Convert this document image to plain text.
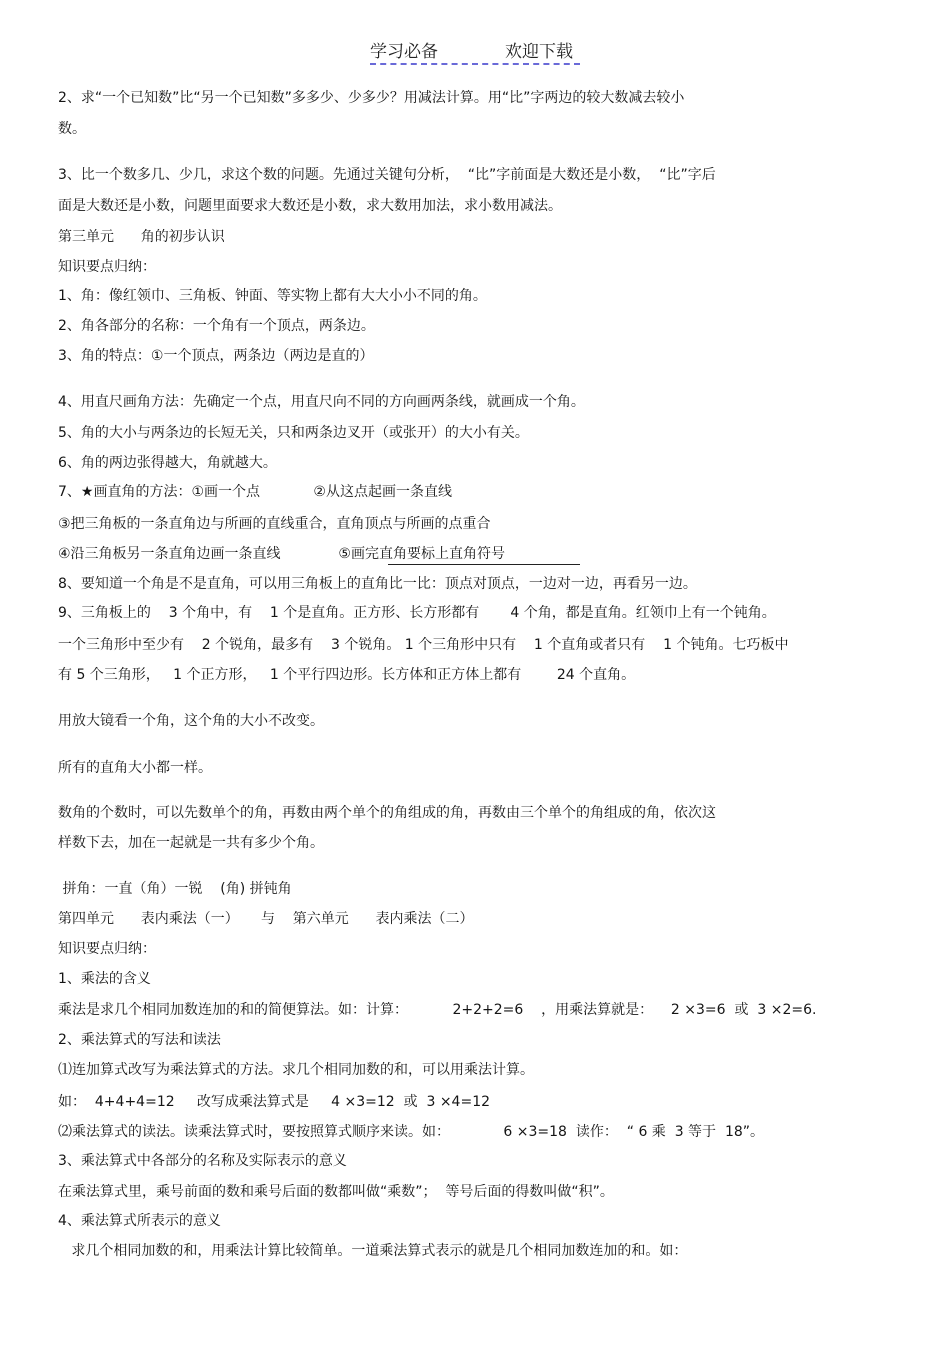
学习必备	欢迎下载
2、求“一个已知数”比“另一个已知数”多多少、少多少？用减法计算。用“比”字两边的较大数减去较小
数。
3、比一个数多几、少几，求这个数的问题。先通过关键句分析，  “比”字前面是大数还是小数，  “比”字后
面是大数还是小数，问题里面要求大数还是小数，求大数用加法，求小数用减法。
第三单元      角的初步认识
知识要点归纳：
1、角：像红领巾、三角板、钟面、等实物上都有大大小小不同的角。
2、角各部分的名称：一个角有一个顶点，两条边。
3、角的特点：①一个顶点，两条边（两边是直的）
4、用直尺画角方法：先确定一个点，用直尺向不同的方向画两条线，就画成一个角。
5、角的大小与两条边的长短无关，只和两条边叉开（或张开）的大小有关。
6、角的两边张得越大，角就越大。
7、★画直角的方法：①画一个点            ②从这点起画一条直线
③把三角板的一条直角边与所画的直线重合，直角顶点与所画的点重合
④沿三角板另一条直角边画一条直线             ⑤画完直角要标上直角符号
8、要知道一个角是不是直角，可以用三角板上的直角比一比：顶点对顶点，一边对一边，再看另一边。
9、三角板上的    3 个角中，有    1 个是直角。正方形、长方形都有       4 个角，都是直角。红领巾上有一个钝角。
一个三角形中至少有    2 个锐角，最多有    3 个锐角。 1 个三角形中只有    1 个直角或者只有    1 个钝角。七巧板中
有 5 个三角形，   1 个正方形，   1 个平行四边形。长方体和正方体上都有        24 个直角。
用放大镜看一个角，这个角的大小不改变。
所有的直角大小都一样。
数角的个数时，可以先数单个的角，再数由两个单个的角组成的角，再数由三个单个的角组成的角，依次这
样数下去，加在一起就是一共有多少个角。
拼角：一直（角）一锐    (角) 拼钝角
第四单元      表内乘法（一）     与    第六单元      表内乘法（二）
知识要点归纳：
1、乘法的含义
乘法是求几个相同加数连加的和的简便算法。如：计算：          2+2+2=6    ，用乘法算就是：    2 ×3=6  或  3 ×2=6.
2、乘法算式的写法和读法
⑴连加算式改写为乘法算式的方法。求几个相同加数的和，可以用乘法计算。
如：  4+4+4=12     改写成乘法算式是     4 ×3=12  或  3 ×4=12
⑵乘法算式的读法。读乘法算式时，要按照算式顺序来读。如：            6 ×3=18  读作：  “ 6 乘  3 等于  18”。
3、乘法算式中各部分的名称及实际表示的意义
在乘法算式里，乘号前面的数和乘号后面的数都叫做“乘数”；  等号后面的得数叫做“积”。
4、乘法算式所表示的意义
求几个相同加数的和，用乘法计算比较简单。一道乘法算式表示的就是几个相同加数连加的和。如：
